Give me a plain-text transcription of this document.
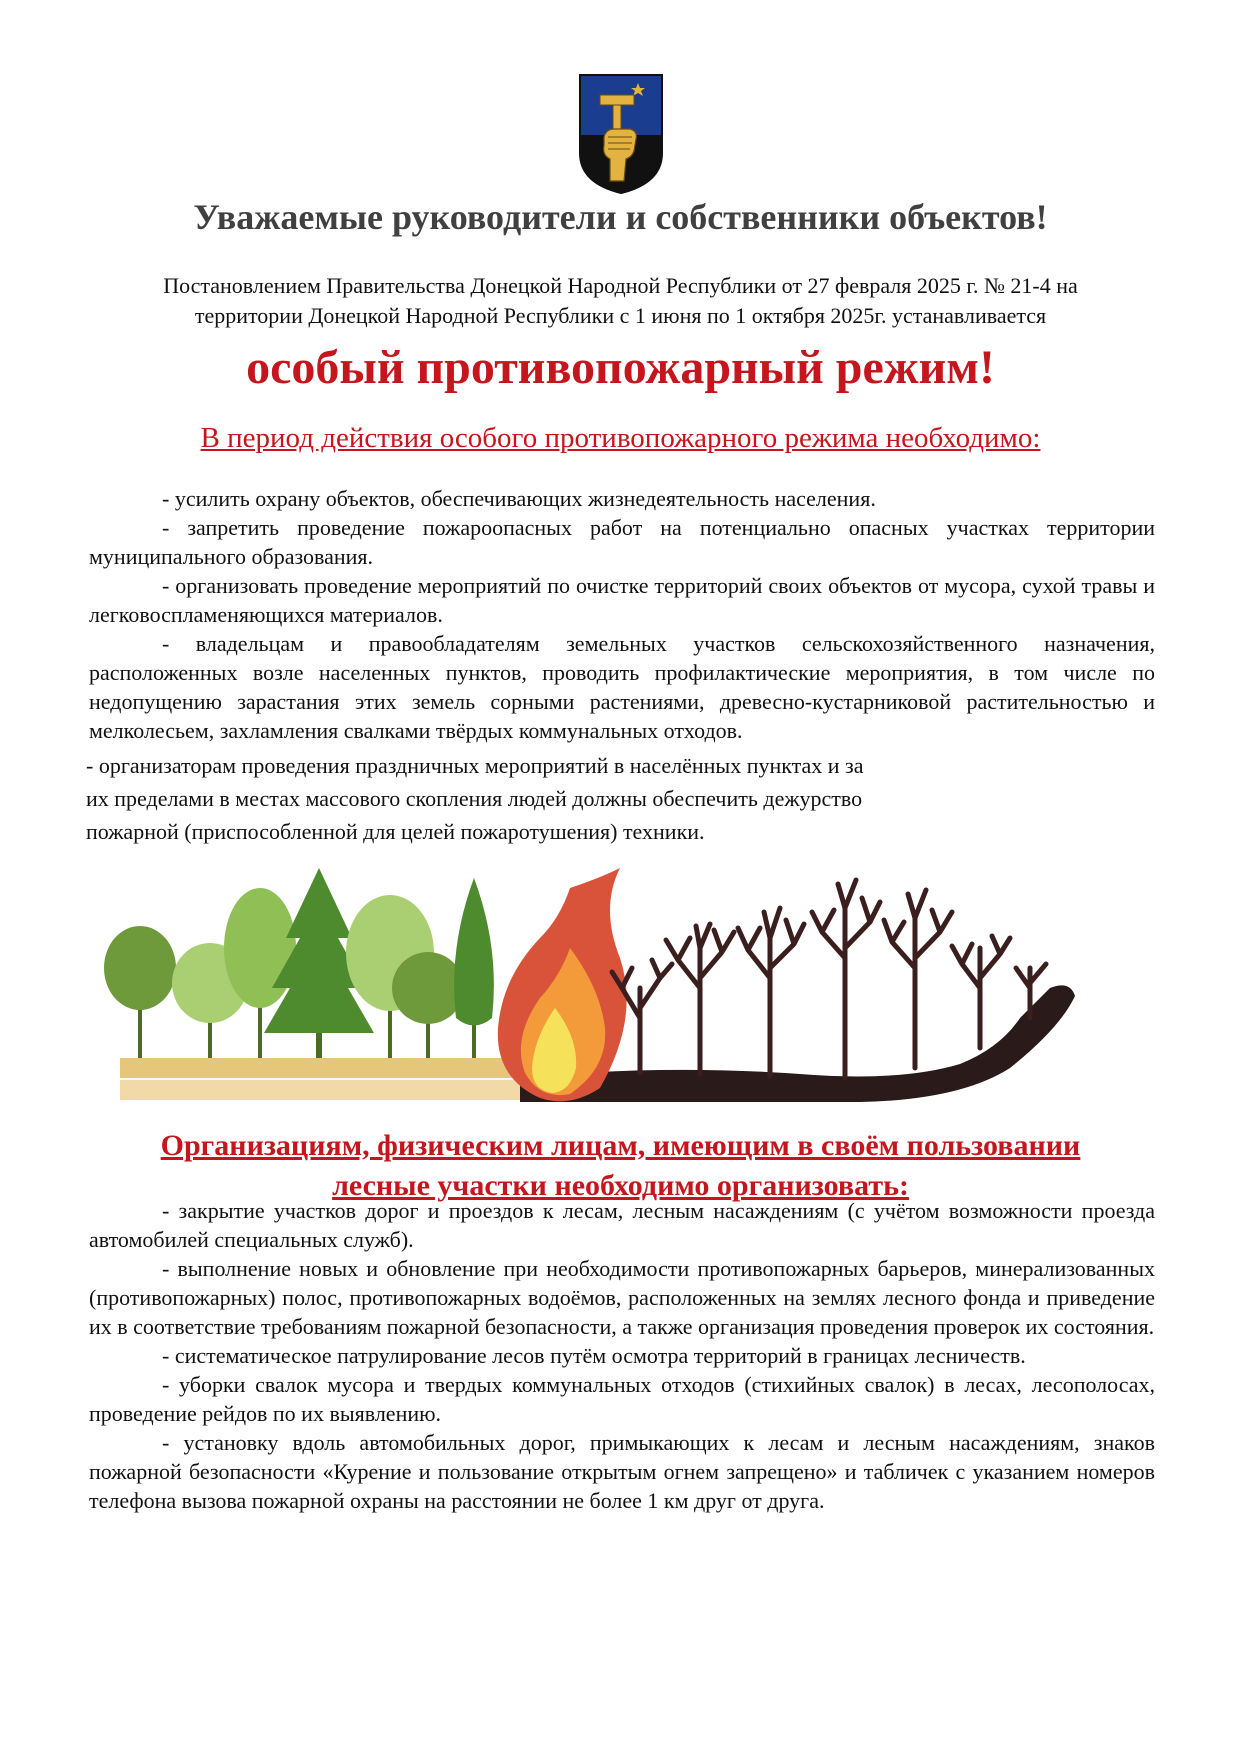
Уважаемые руководители и собственники объектов!
Постановлением Правительства Донецкой Народной Республики от 27 февраля 2025 г. № 21-4 на
территории Донецкой Народной Республики с 1 июня по 1 октября 2025г. устанавливается
особый противопожарный режим!
В период действия особого противопожарного режима необходимо:

- усилить охрану объектов, обеспечивающих жизнедеятельность населения.

- запретить проведение пожароопасных работ на потенциально опасных участках территории муниципального образования.

- организовать проведение мероприятий по очистке территорий своих объектов от мусора, сухой травы и легковоспламеняющихся материалов.

- владельцам и правообладателям земельных участков сельскохозяйственного назначения, расположенных возле населенных пунктов, проводить профилактические мероприятия, в том числе по недопущению зарастания этих земель сорными растениями, древесно-кустарниковой растительностью и мелколесьем, захламления свалками твёрдых коммунальных отходов.

- организаторам проведения праздничных мероприятий в населённых пунктах и за

их пределами в местах массового скопления людей должны обеспечить дежурство

пожарной (приспособленной для целей пожаротушения) техники.

Организациям, физическим лицам, имеющим в своём пользовании
лесные участки необходимо организовать:

- закрытие участков дорог и проездов к лесам, лесным насаждениям (с учётом возможности проезда автомобилей специальных служб).

- выполнение новых и обновление при необходимости противопожарных барьеров, минерализованных (противопожарных) полос, противопожарных водоёмов, расположенных на землях лесного фонда и приведение их в соответствие требованиям пожарной безопасности, а также организация проведения проверок их состояния.

- систематическое патрулирование лесов путём осмотра территорий в границах лесничеств.

- уборки свалок мусора и твердых коммунальных отходов (стихийных свалок) в лесах, лесополосах, проведение рейдов по их выявлению.

- установку вдоль автомобильных дорог, примыкающих к лесам и лесным насаждениям, знаков пожарной безопасности «Курение и пользование открытым огнем запрещено» и табличек с указанием номеров телефона вызова пожарной охраны на расстоянии не более 1 км друг от друга.
